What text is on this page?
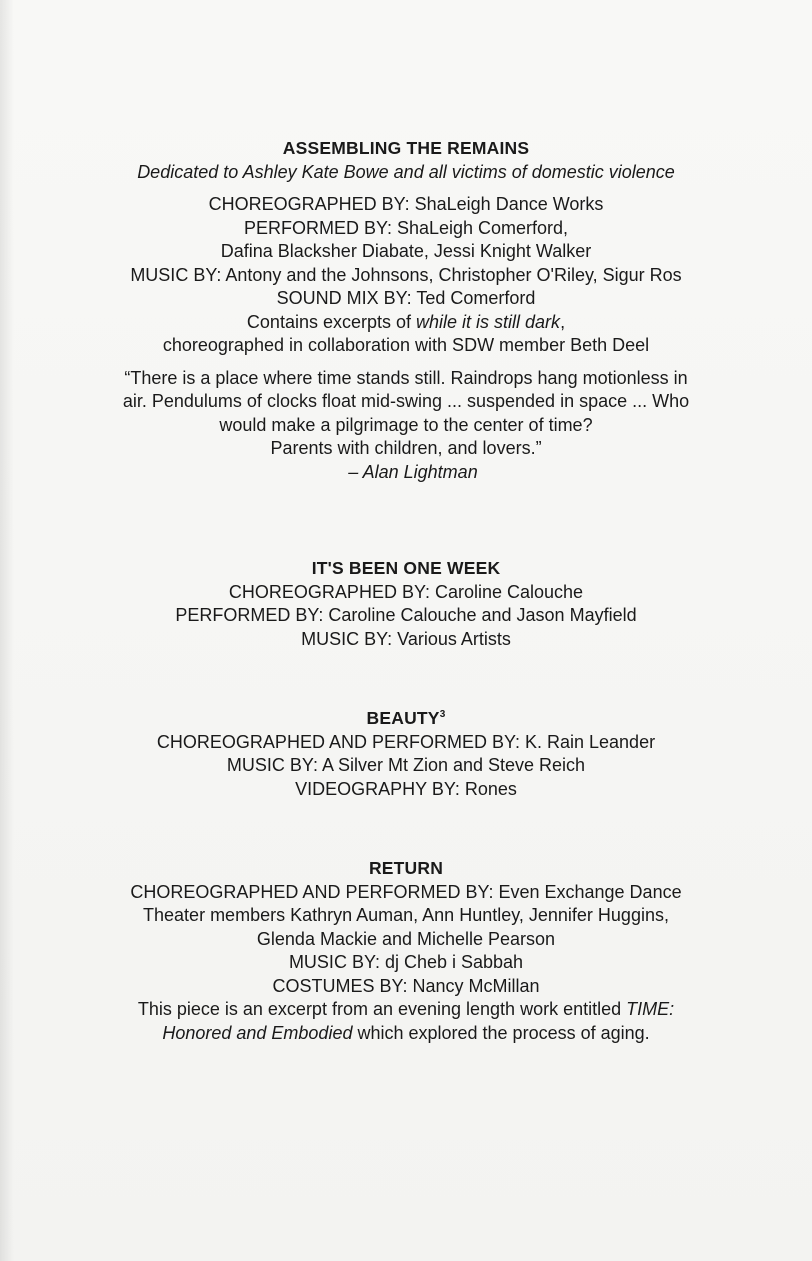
ASSEMBLING THE REMAINS
Dedicated to Ashley Kate Bowe and all victims of domestic violence
CHOREOGRAPHED BY: ShaLeigh Dance Works
PERFORMED BY: ShaLeigh Comerford,
Dafina Blacksher Diabate, Jessi Knight Walker
MUSIC BY: Antony and the Johnsons, Christopher O'Riley, Sigur Ros
SOUND MIX BY: Ted Comerford
Contains excerpts of while it is still dark,
choreographed in collaboration with SDW member Beth Deel
“There is a place where time stands still. Raindrops hang motionless in
air. Pendulums of clocks float mid-swing ... suspended in space ... Who
would make a pilgrimage to the center of time?
Parents with children, and lovers.”
– Alan Lightman
IT'S BEEN ONE WEEK
CHOREOGRAPHED BY: Caroline Calouche
PERFORMED BY: Caroline Calouche and Jason Mayfield
MUSIC BY: Various Artists
BEAUTY$^3$
CHOREOGRAPHED AND PERFORMED BY: K. Rain Leander
MUSIC BY: A Silver Mt Zion and Steve Reich
VIDEOGRAPHY BY: Rones
RETURN
CHOREOGRAPHED AND PERFORMED BY: Even Exchange Dance
Theater members Kathryn Auman, Ann Huntley, Jennifer Huggins,
Glenda Mackie and Michelle Pearson
MUSIC BY: dj Cheb i Sabbah
COSTUMES BY: Nancy McMillan
This piece is an excerpt from an evening length work entitled TIME:
Honored and Embodied which explored the process of aging.
